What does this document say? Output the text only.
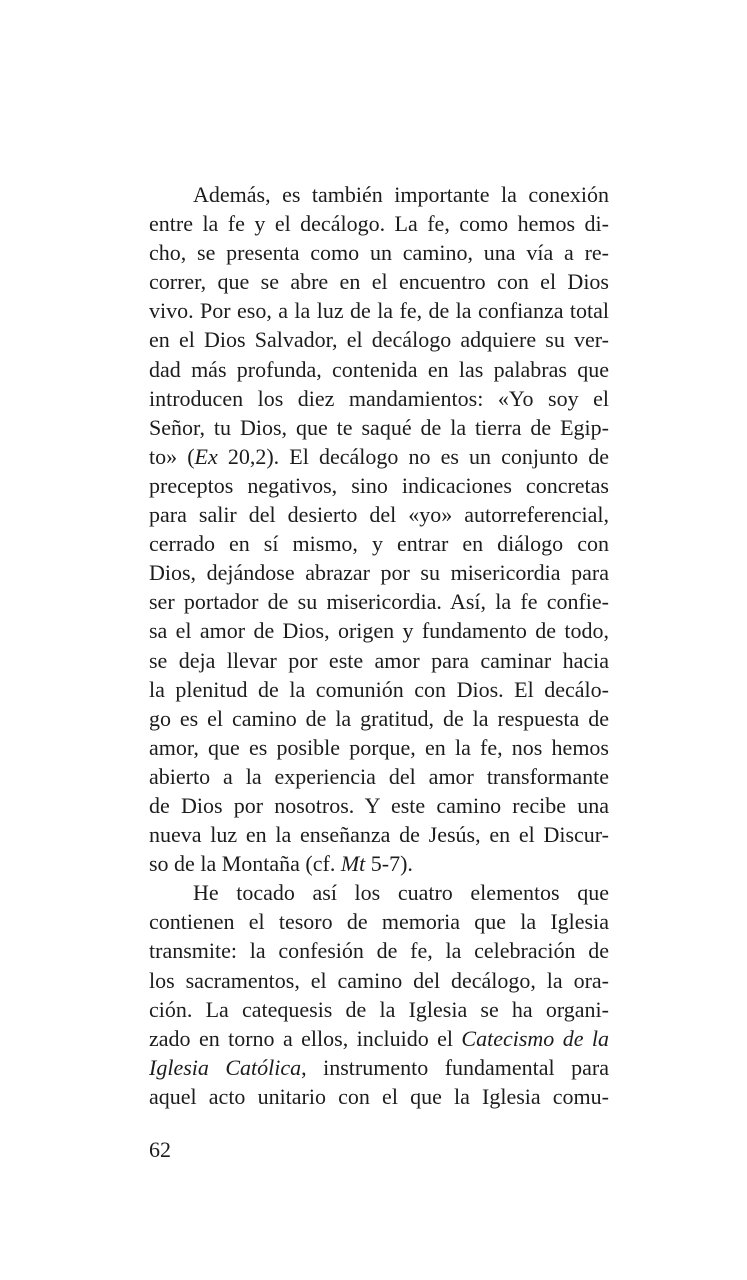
Además, es también importante la conexión
entre la fe y el decálogo. La fe, como hemos di-
cho, se presenta como un camino, una vía a re-
correr, que se abre en el encuentro con el Dios
vivo. Por eso, a la luz de la fe, de la confianza total
en el Dios Salvador, el decálogo adquiere su ver-
dad más profunda, contenida en las palabras que
introducen los diez mandamientos: «Yo soy el
Señor, tu Dios, que te saqué de la tierra de Egip-
to» (Ex 20,2). El decálogo no es un conjunto de
preceptos negativos, sino indicaciones concretas
para salir del desierto del «yo» autorreferencial,
cerrado en sí mismo, y entrar en diálogo con
Dios, dejándose abrazar por su misericordia para
ser portador de su misericordia. Así, la fe confie-
sa el amor de Dios, origen y fundamento de todo,
se deja llevar por este amor para caminar hacia
la plenitud de la comunión con Dios. El decálo-
go es el camino de la gratitud, de la respuesta de
amor, que es posible porque, en la fe, nos hemos
abierto a la experiencia del amor transformante
de Dios por nosotros. Y este camino recibe una
nueva luz en la enseñanza de Jesús, en el Discur-
so de la Montaña (cf. Mt 5-7).
He tocado así los cuatro elementos que
contienen el tesoro de memoria que la Iglesia
transmite: la confesión de fe, la celebración de
los sacramentos, el camino del decálogo, la ora-
ción. La catequesis de la Iglesia se ha organi-
zado en torno a ellos, incluido el Catecismo de la
Iglesia Católica, instrumento fundamental para
aquel acto unitario con el que la Iglesia comu-
62
